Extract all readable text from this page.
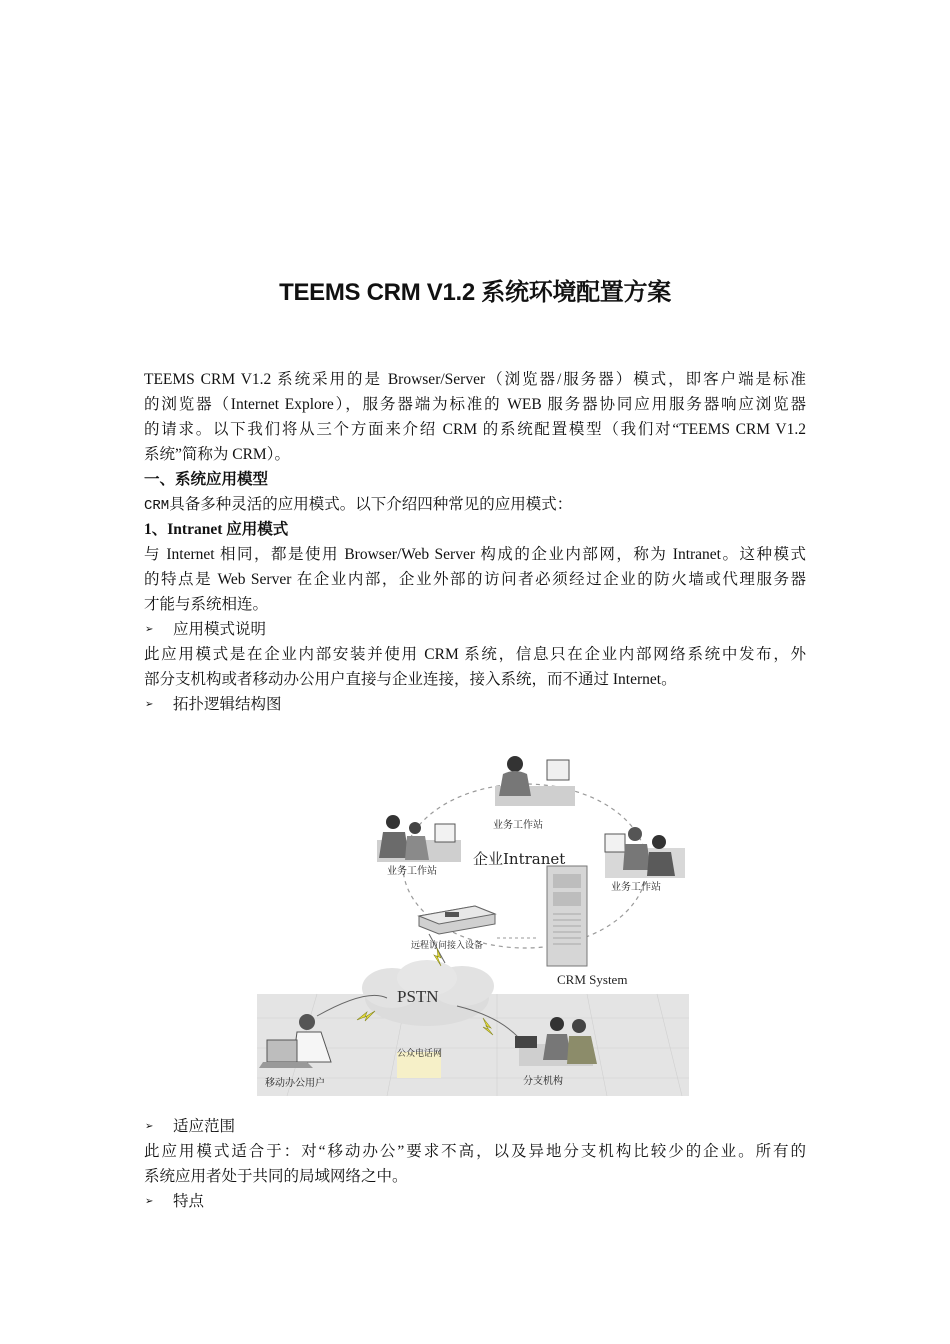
TEEMS CRM V1.2 系统环境配置方案
TEEMS CRM V1.2 系统采用的是 Browser/Server（浏览器/服务器）模式，即客户端是标准
的浏览器（Internet Explore），服务器端为标准的 WEB 服务器协同应用服务器响应浏览器
的请求。以下我们将从三个方面来介绍 CRM 的系统配置模型（我们对“TEEMS CRM V1.2
系统”简称为 CRM）。
一、系统应用模型
CRM具备多种灵活的应用模式。以下介绍四种常见的应用模式：
1、Intranet 应用模式
与 Internet 相同，都是使用 Browser/Web Server 构成的企业内部网，称为 Intranet。这种模式
的特点是 Web Server 在企业内部，企业外部的访问者必须经过企业的防火墙或代理服务器
才能与系统相连。
➢	应用模式说明
此应用模式是在企业内部安装并使用 CRM 系统，信息只在企业内部网络系统中发布，外
部分支机构或者移动办公用户直接与企业连接，接入系统，而不通过 Internet。
➢	拓扑逻辑结构图
业务工作站
业务工作站
业务工作站
远程访问接入设备
公众电话网
移动办公用户	分支机构
企业Intranet
CRM System
PSTN
➢	适应范围
此应用模式适合于：对“移动办公”要求不高，以及异地分支机构比较少的企业。所有的
系统应用者处于共同的局域网络之中。
➢	特点
